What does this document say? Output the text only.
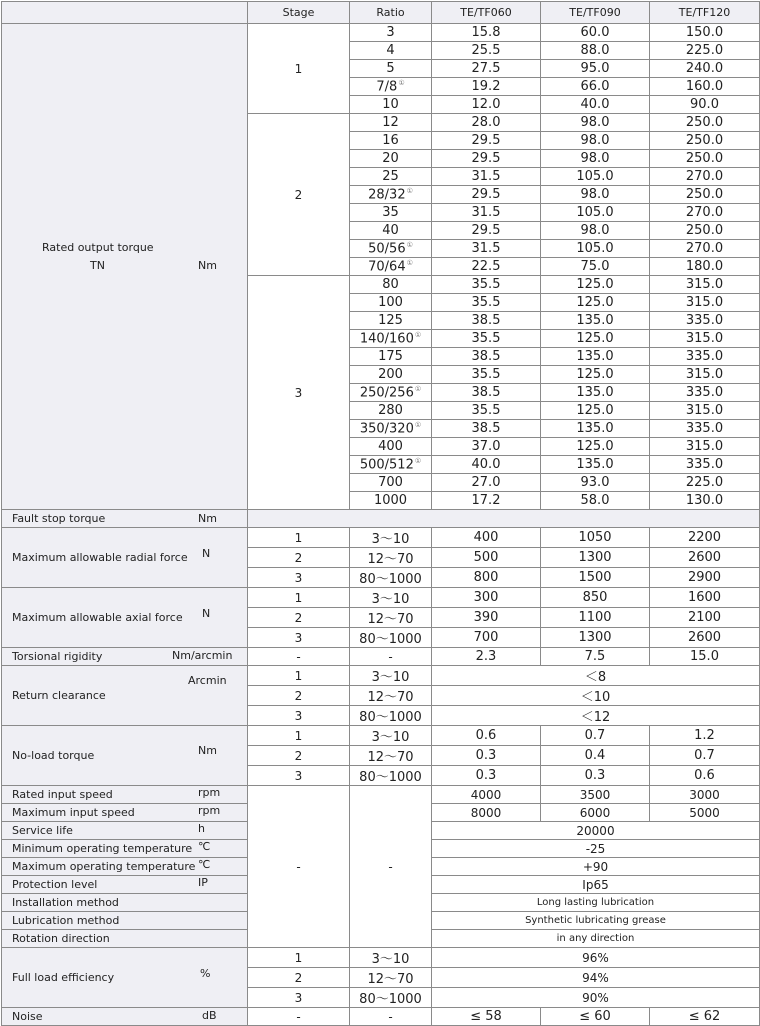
	Stage	Ratio	TE/TF060	TE/TF090	TE/TF120

Rated output torque
TN Nm	1	3	15.8	60.0	150.0
		4	25.5	88.0	225.0
		5	27.5	95.0	240.0
		7/8①	19.2	66.0	160.0
		10	12.0	40.0	90.0
	2	12	28.0	98.0	250.0
		16	29.5	98.0	250.0
		20	29.5	98.0	250.0
		25	31.5	105.0	270.0
		28/32①	29.5	98.0	250.0
		35	31.5	105.0	270.0
		40	29.5	98.0	250.0
		50/56①	31.5	105.0	270.0
		70/64①	22.5	75.0	180.0
	3	80	35.5	125.0	315.0
		100	35.5	125.0	315.0
		125	38.5	135.0	335.0
		140/160①	35.5	125.0	315.0
		175	38.5	135.0	335.0
		200	35.5	125.0	315.0
		250/256①	38.5	135.0	335.0
		280	35.5	125.0	315.0
		350/320①	38.5	135.0	335.0
		400	37.0	125.0	315.0
		500/512①	40.0	135.0	335.0
		700	27.0	93.0	225.0
		1000	17.2	58.0	130.0
Fault stop torque Nm					

Maximum allowable radial force N	1	3～10	400	1050	2200
	2	12～70	500	1300	2600
	3	80～1000	800	1500	2900
Maximum allowable axial force N	1	3～10	300	850	1600
	2	12～70	390	1100	2100
	3	80～1000	700	1300	2600
Torsional rigidity Nm/arcmin	-	-	2.3	7.5	15.0
Return clearance
Arcmin	1	3～10	＜8		
	2	12～70	＜10		
	3	80～1000	＜12		
No-load torque Nm	1	3～10	0.6	0.7	1.2
	2	12～70	0.3	0.4	0.7
	3	80～1000	0.3	0.3	0.6
Rated input speed rpm	-	-	4000	3500	3000
Maximum input speed rpm			8000	6000	5000
Service life h			20000		
Minimum operating temperature ℃			-25		
Maximum operating temperature ℃			+90		
Protection level IP			Ip65		
Installation method			Long lasting lubrication		
Lubrication method			Synthetic lubricating grease		
Rotation direction			in any direction		
Full load efficiency %	1	3～10	96%		
	2	12～70	94%		
	3	80～1000	90%		
Noise dB	-	-	≤ 58	≤ 60	≤ 62
